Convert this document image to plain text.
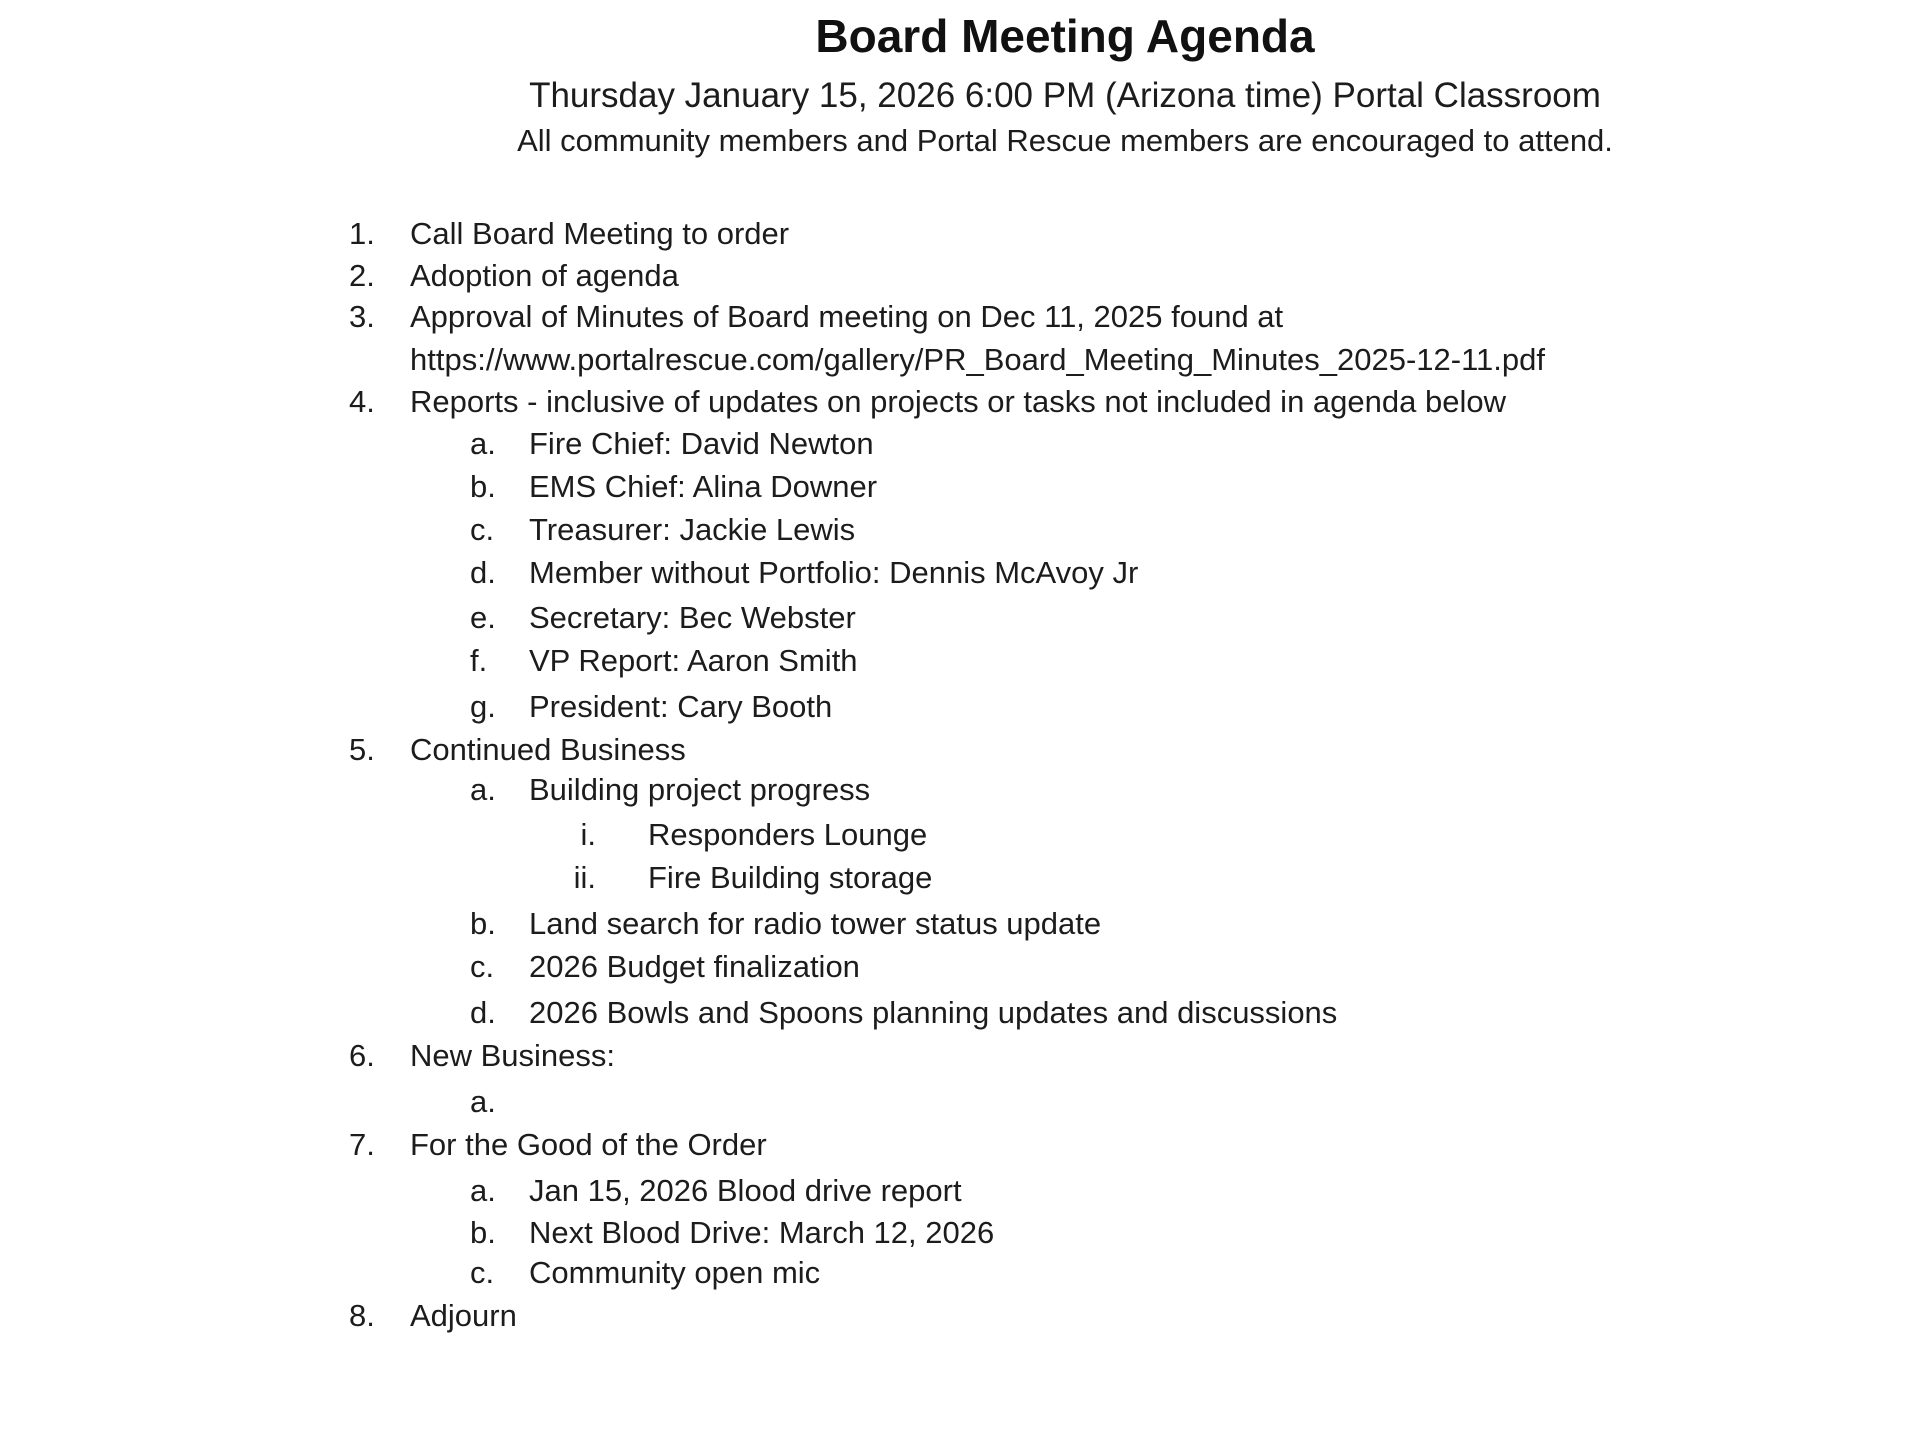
Board Meeting Agenda
Thursday January 15, 2026 6:00 PM (Arizona time) Portal Classroom
All community members and Portal Rescue members are encouraged to attend.
1. Call Board Meeting to order
2. Adoption of agenda
3. Approval of Minutes of Board meeting on Dec 11, 2025 found at
https://www.portalrescue.com/gallery/PR_Board_Meeting_Minutes_2025-12-11.pdf
4. Reports - inclusive of updates on projects or tasks not included in agenda below
a. Fire Chief: David Newton
b. EMS Chief: Alina Downer
c. Treasurer: Jackie Lewis
d. Member without Portfolio: Dennis McAvoy Jr
e. Secretary: Bec Webster
f. VP Report: Aaron Smith
g. President: Cary Booth
5. Continued Business
a. Building project progress
i. Responders Lounge
ii. Fire Building storage
b. Land search for radio tower status update
c. 2026 Budget finalization
d. 2026 Bowls and Spoons planning updates and discussions
6. New Business:
a.
7. For the Good of the Order
a. Jan 15, 2026 Blood drive report
b. Next Blood Drive: March 12, 2026
c. Community open mic
8. Adjourn
